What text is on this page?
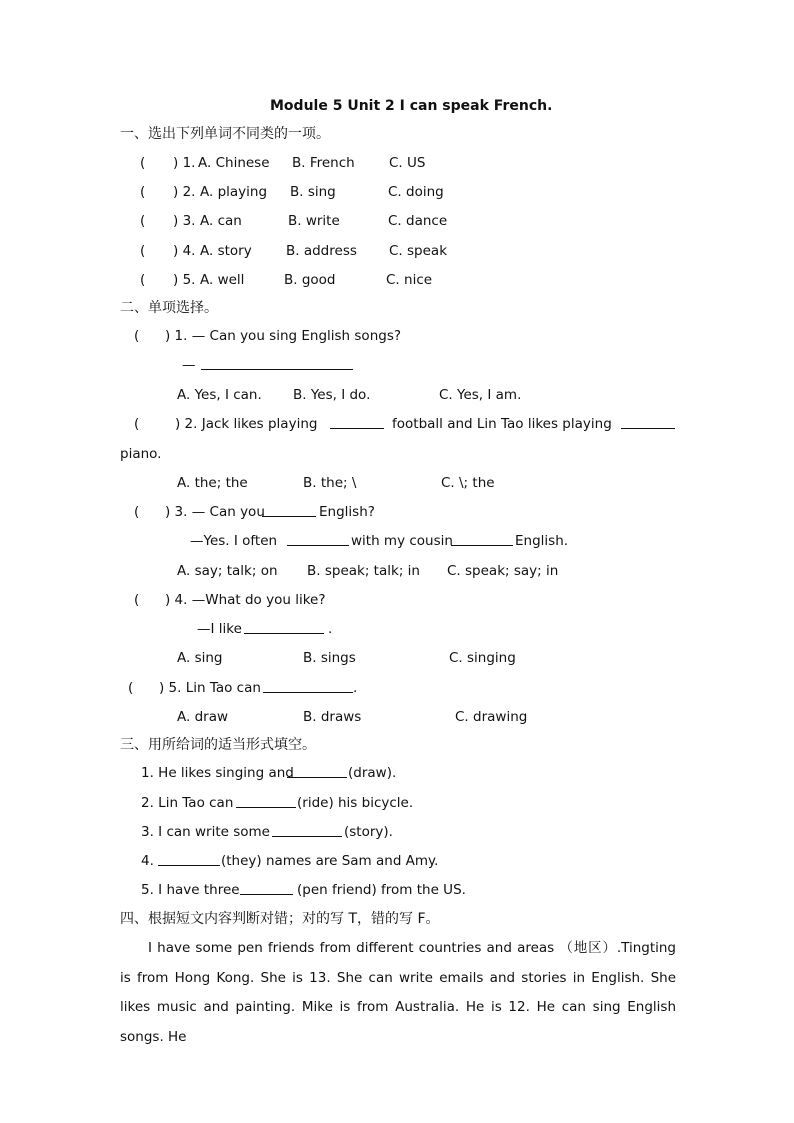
Module 5 Unit 2 I can speak French.
一、选出下列单词不同类的一项。
( ) 1. A. Chinese B. French	C. US
( ) 2. A. playing B. sing	C. doing
( ) 3. A. can	B. write	C. dance
( ) 4. A. story	B. address C. speak
( ) 5. A. well	B. good	C. nice
二、单项选择。
( ) 1. — Can you sing English songs?
—
A. Yes, I can. B. Yes, I do.	C. Yes, I am.
(	) 2. Jack likes playing	football and Lin Tao likes playing
piano.
A. the; the	B. the; \	C. \; the
( ) 3. — Can you	English?
—Yes. I often	with my cousin	English.
A. say; talk; on B. speak; talk; in C. speak; say; in
( ) 4. —What do you like?
—I like	.
A. sing	B. sings	C. singing
( ) 5. Lin Tao can	.
A. draw	B. draws	C. drawing
三、用所给词的适当形式填空。
1. He likes singing and	(draw).
2. Lin Tao can	(ride) his bicycle.
3. I can write some	(story).
4.	(they) names are Sam and Amy.
5. I have three	(pen friend) from the US.
四、根据短文内容判断对错；对的写 T，错的写 F。
I have some pen friends from different countries and areas （地区）.Tingting is from Hong Kong. She is 13. She can write emails and stories in English. She likes music and painting. Mike is from Australia. He is 12. He can sing English songs. He
